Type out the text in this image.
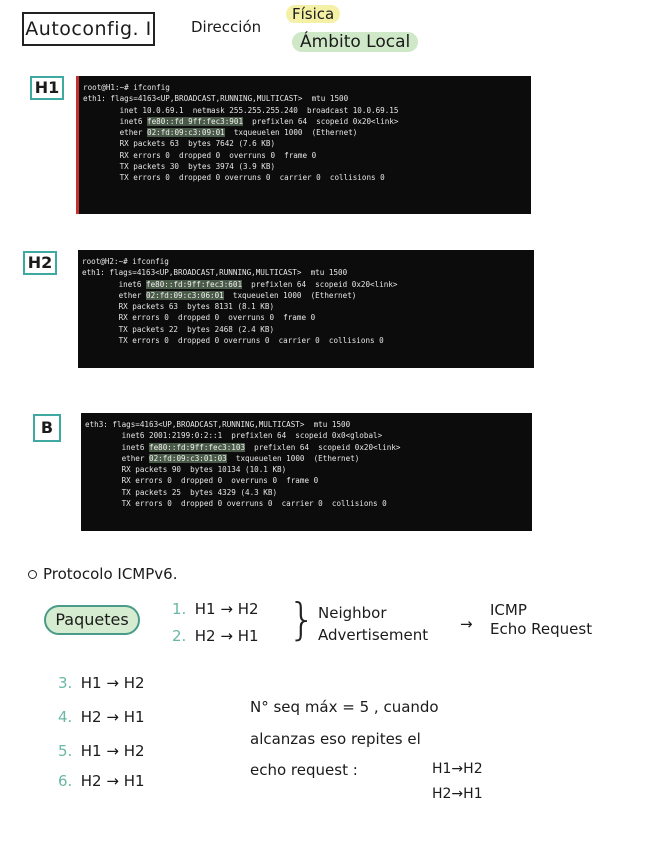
Autoconfig. I	Dirección
Física
Ámbito Local
H1
H2
B
root@H1:~# ifconfig
eth1: flags=4163<UP,BROADCAST,RUNNING,MULTICAST>  mtu 1500
inet 10.0.69.1  netmask 255.255.255.240  broadcast 10.0.69.15
inet6 fe80::fd 9ff:fec3:901  prefixlen 64  scopeid 0x20<link>
ether 02:fd:09:c3:09:01  txqueuelen 1000  (Ethernet)
RX packets 63  bytes 7642 (7.6 KB)
RX errors 0  dropped 0  overruns 0  frame 0
TX packets 30  bytes 3974 (3.9 KB)
TX errors 0  dropped 0 overruns 0  carrier 0  collisions 0
root@H2:~# ifconfig
eth1: flags=4163<UP,BROADCAST,RUNNING,MULTICAST>  mtu 1500
inet6 fe80::fd:9ff:fec3:601  prefixlen 64  scopeid 0x20<link>
ether 02:fd:09:c3:06:01  txqueuelen 1000  (Ethernet)
RX packets 63  bytes 8131 (8.1 KB)
RX errors 0  dropped 0  overruns 0  frame 0
TX packets 22  bytes 2468 (2.4 KB)
TX errors 0  dropped 0 overruns 0  carrier 0  collisions 0
eth3: flags=4163<UP,BROADCAST,RUNNING,MULTICAST>  mtu 1500
inet6 2001:2199:0:2::1  prefixlen 64  scopeid 0x0<global>
inet6 fe80::fd:9ff:fec3:103  prefixlen 64  scopeid 0x20<link>
ether 02:fd:09:c3:01:03  txqueuelen 1000  (Ethernet)
RX packets 90  bytes 10134 (10.1 KB)
RX errors 0  dropped 0  overruns 0  frame 0
TX packets 25  bytes 4329 (4.3 KB)
TX errors 0  dropped 0 overruns 0  carrier 0  collisions 0
Protocolo ICMPv6.
Paquetes
1. H1 → H2
2. H2 → H1 } Neighbor
Advertisement
→
ICMP
Echo Request
3. H1 → H2
4. H2 → H1
5. H1 → H2
6. H2 → H1
N° seq máx = 5 , cuando
alcanzas eso repites el
echo request :	H1→H2
H2→H1
